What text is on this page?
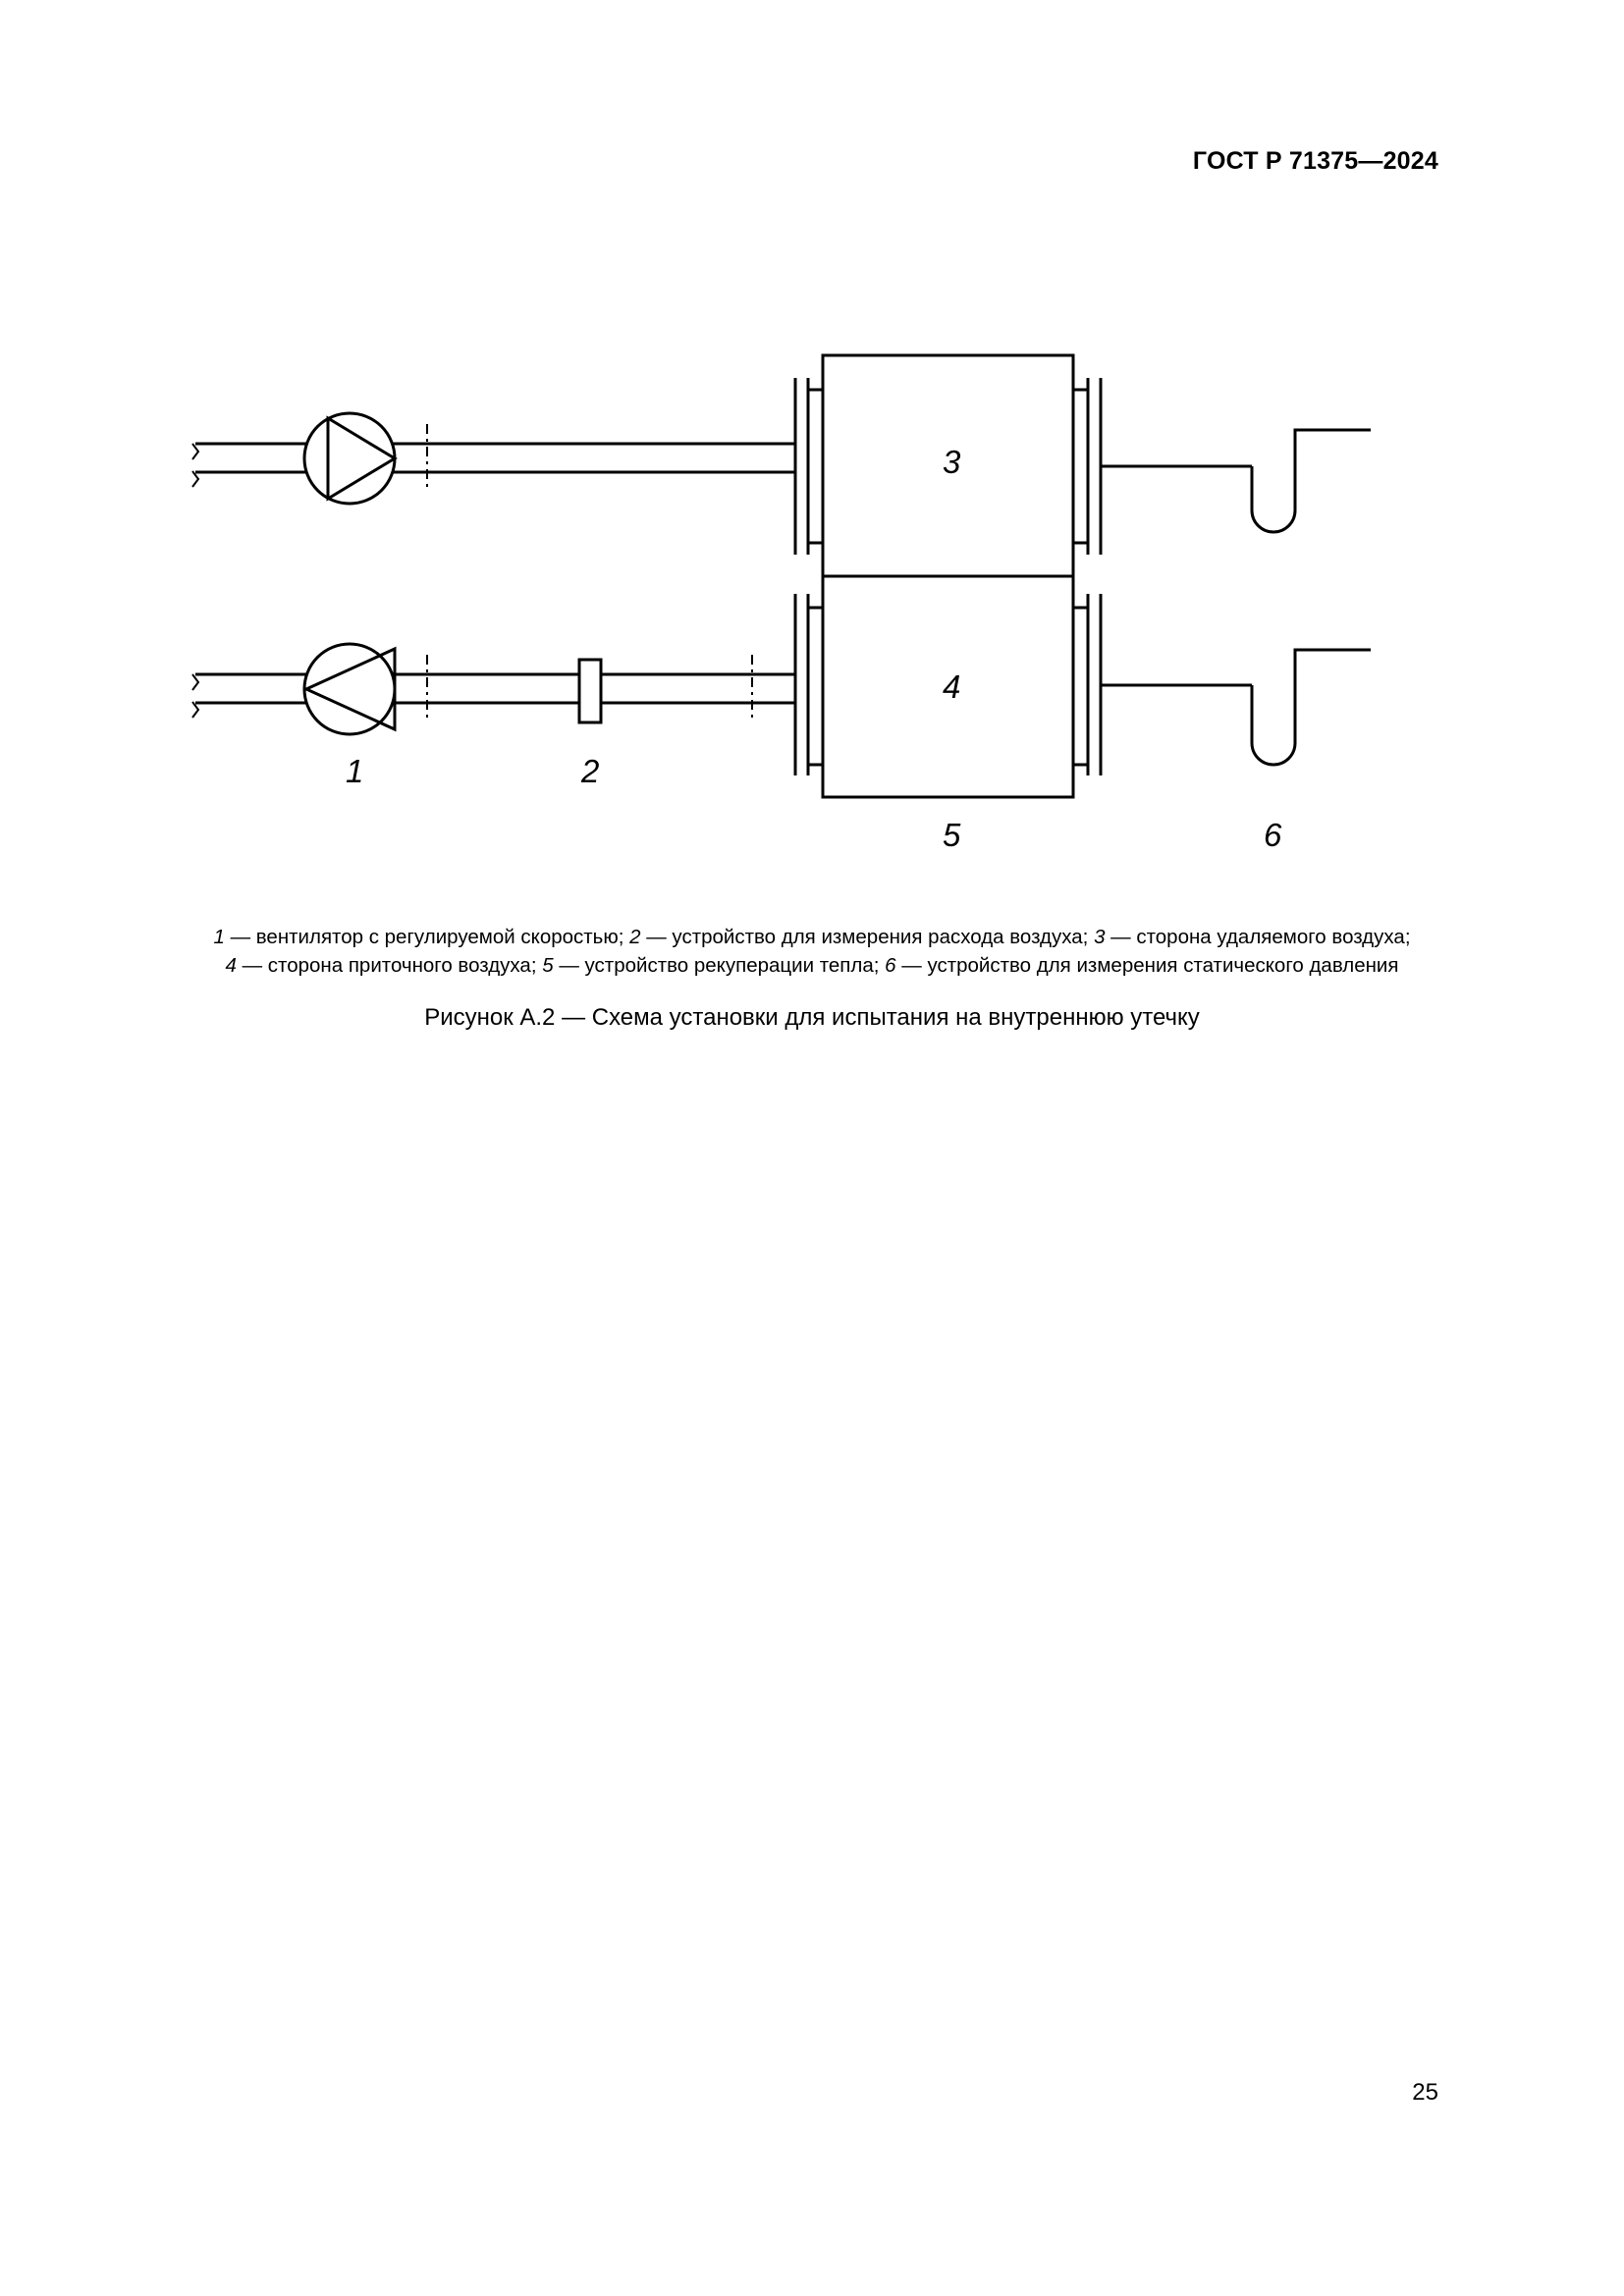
ГОСТ Р 71375—2024
3
4
1	2
5	6
1 — вентилятор с регулируемой скоростью; 2 — устройство для измерения расхода воздуха; 3 — сторона удаляемого воздуха;
4 — сторона приточного воздуха; 5 — устройство рекуперации тепла; 6 — устройство для измерения статического давления
Рисунок А.2 — Схема установки для испытания на внутреннюю утечку
25
